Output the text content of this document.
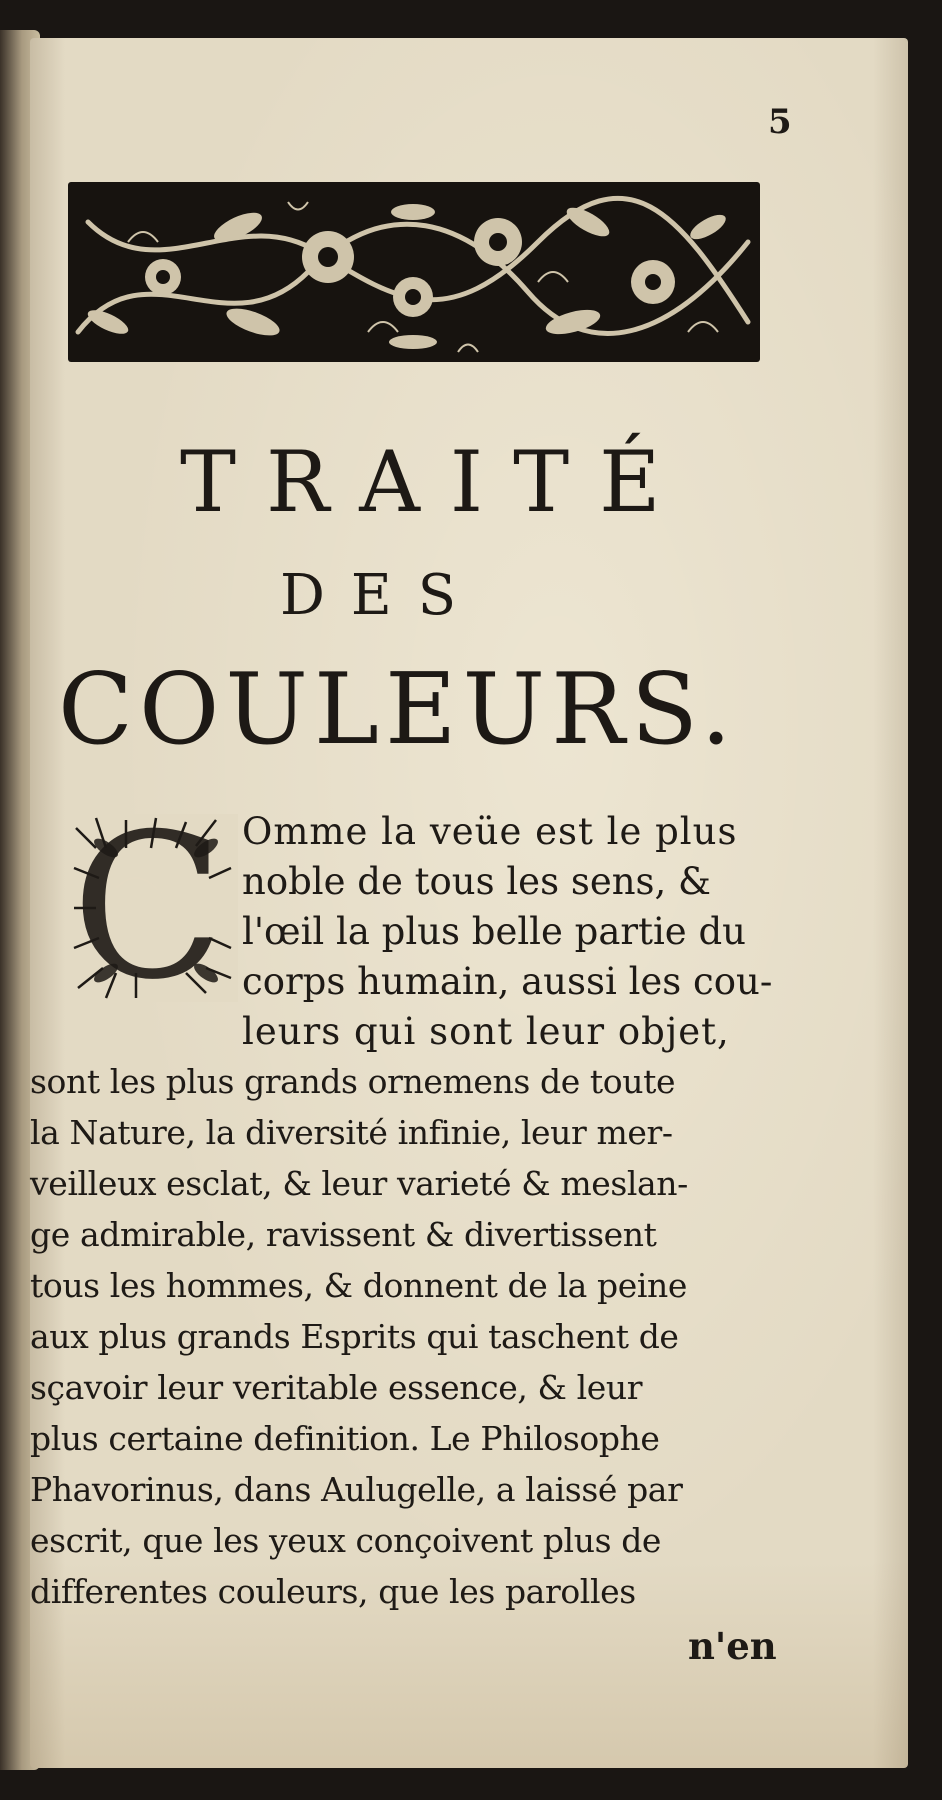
5
TRAITÉ
DES
COULEURS.
C Omme la veüe est le plus
noble de tous les sens, &
l'œil la plus belle partie du
corps humain, aussi les cou-
leurs qui sont leur objet,
sont les plus grands ornemens de toute
la Nature, la diversité infinie, leur mer-
veilleux esclat, & leur varieté & meslan-
ge admirable, ravissent & divertissent
tous les hommes, & donnent de la peine
aux plus grands Esprits qui taschent de
sçavoir leur veritable essence, & leur
plus certaine definition. Le Philosophe
Phavorinus, dans Aulugelle, a laissé par
escrit, que les yeux conçoivent plus de
differentes couleurs, que les parolles
n'en
